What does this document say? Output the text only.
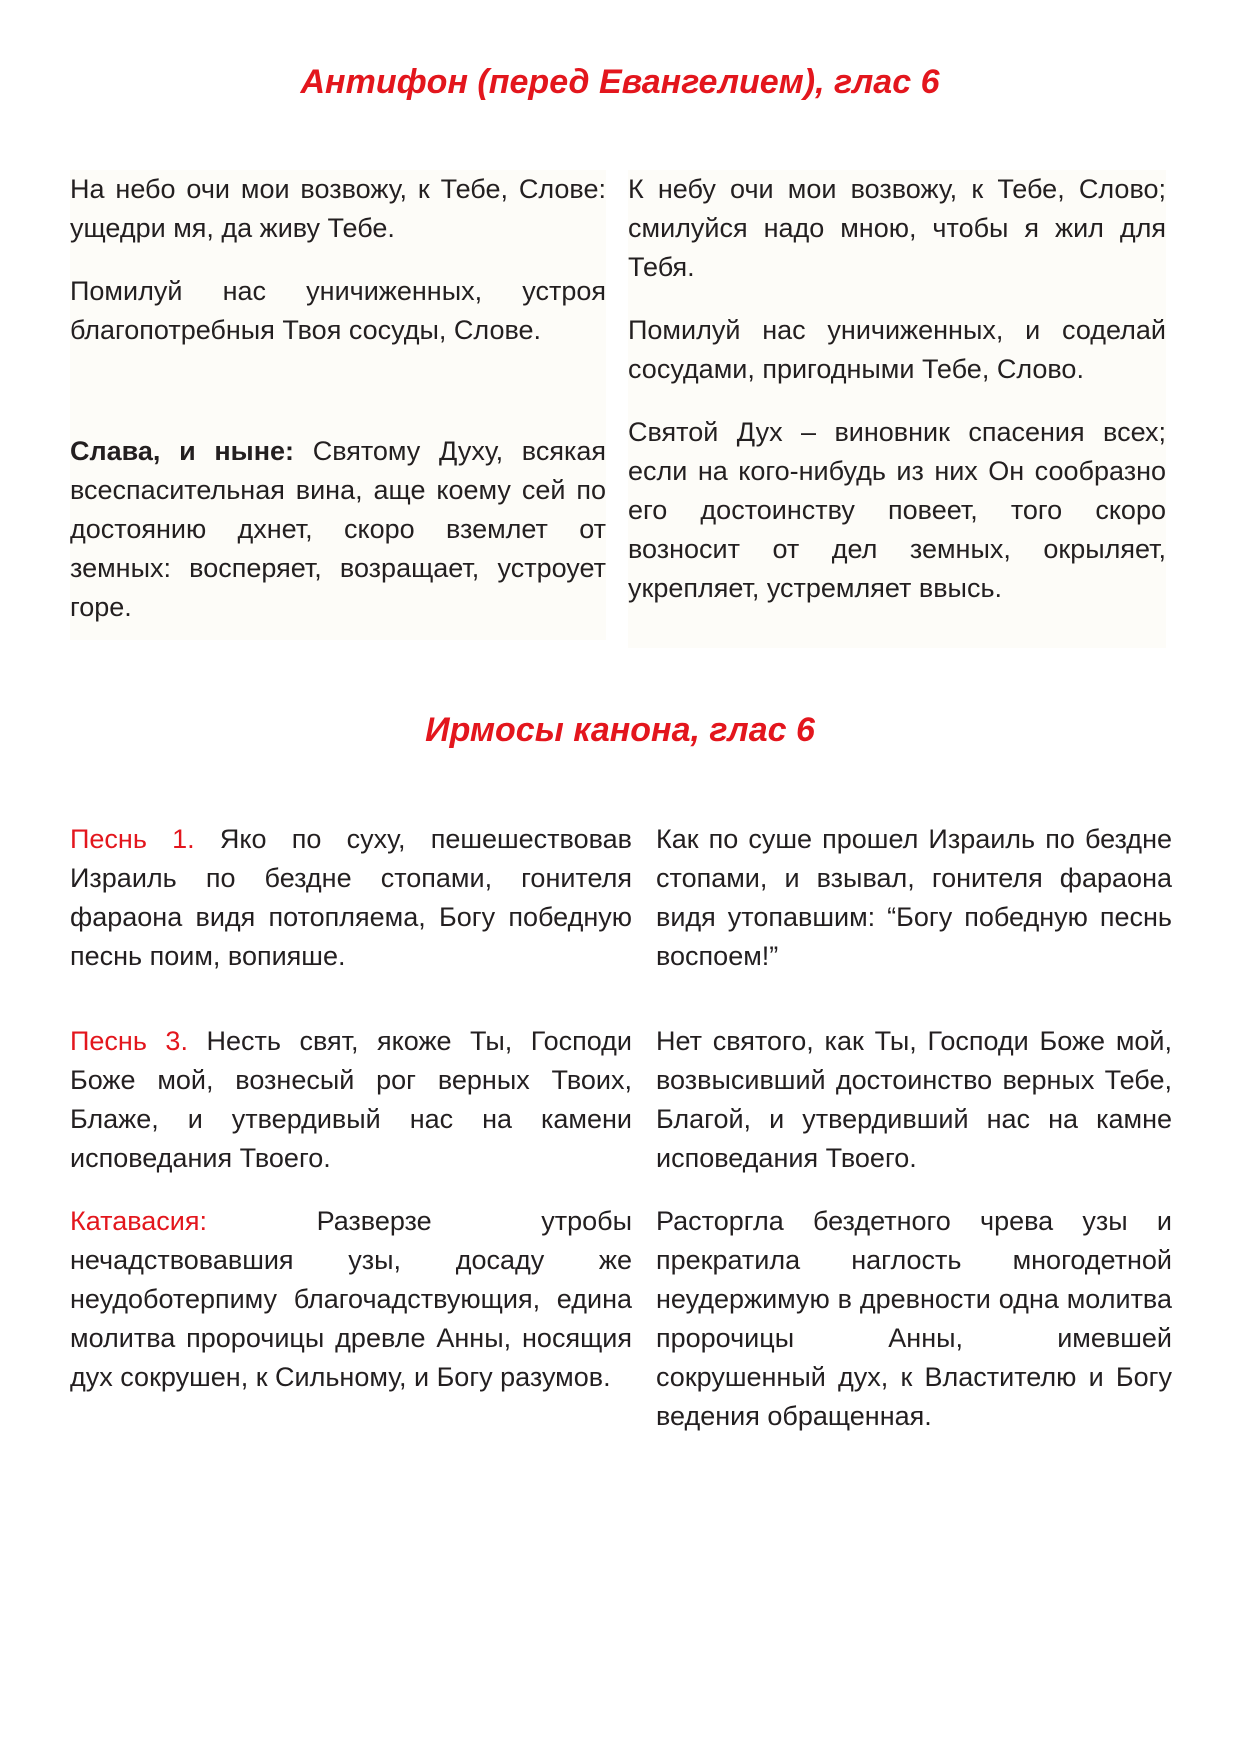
Антифон (перед Евангелием), глас 6

На небо очи мои возвожу, к Тебе, Слове: ущедри мя, да живу Тебе.

Помилуй нас уничиженных, устроя благопотребныя Твоя сосуды, Слове.

Слава, и ныне: Святому Духу, всякая всеспасительная вина, аще коему сей по достоянию дхнет, скоро вземлет от земных: восперяет, возращает, устроует горе.

К небу очи мои возвожу, к Тебе, Слово; смилуйся надо мною, чтобы я жил для Тебя.

Помилуй нас уничиженных, и соделай сосудами, пригодными Тебе, Слово.

Святой Дух – виновник спасения всех; если на кого-нибудь из них Он сообразно его достоинству повеет, того скоро возносит от дел земных, окрыляет, укрепляет, устремляет ввысь.

Ирмосы канона, глас 6

Песнь 1. Яко по суху, пешешествовав Израиль по бездне стопами, гонителя фараона видя потопляема, Богу победную песнь поим, вопияше.

Песнь 3. Несть свят, якоже Ты, Господи Боже мой, вознесый рог верных Твоих, Блаже, и утвердивый нас на камени исповедания Твоего.

Катавасия: Разверзе утробы нечадствовавшия узы, досаду же неудоботерпиму благочадствующия, едина молитва пророчицы древле Анны, носящия дух сокрушен, к Сильному, и Богу разумов.

Как по суше прошел Израиль по бездне стопами, и взывал, гонителя фараона видя утопавшим: “Богу победную песнь воспоем!”

Нет святого, как Ты, Господи Боже мой, возвысивший достоинство верных Тебе, Благой, и утвердивший нас на камне исповедания Твоего.

Расторгла бездетного чрева узы и прекратила наглость многодетной неудержимую в древности одна молитва пророчицы Анны, имевшей сокрушенный дух, к Властителю и Богу ведения обращенная.
